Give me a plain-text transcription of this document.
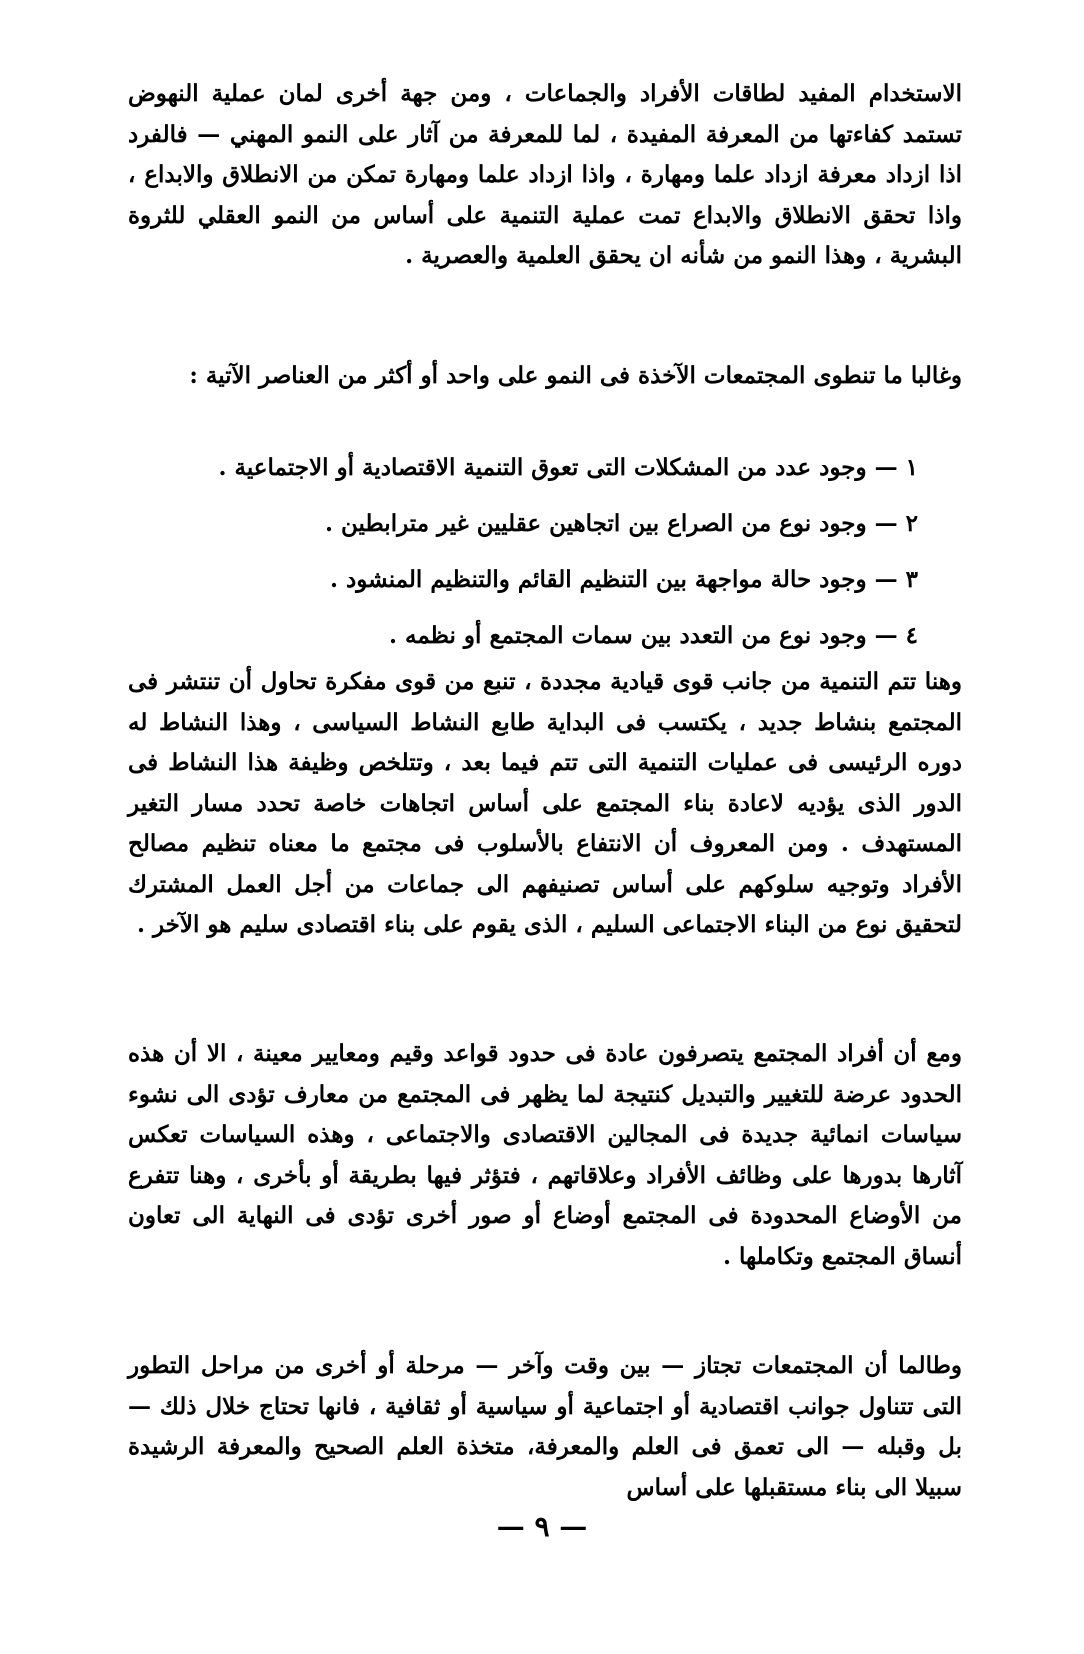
الاستخدام المفيد لطاقات الأفراد والجماعات ، ومن جهة أخرى لمان عملية النهوض تستمد كفاءتها من المعرفة المفيدة ، لما للمعرفة من آثار على النمو المهني — فالفرد اذا ازداد معرفة ازداد علما ومهارة ، واذا ازداد علما ومهارة تمكن من الانطلاق والابداع ، واذا تحقق الانطلاق والابداع تمت عملية التنمية على أساس من النمو العقلي للثروة البشرية ، وهذا النمو من شأنه ان يحقق العلمية والعصرية .

وغالبا ما تنطوى المجتمعات الآخذة فى النمو على واحد أو أكثر من العناصر الآتية :

١ — وجود عدد من المشكلات التى تعوق التنمية الاقتصادية أو الاجتماعية .
٢ — وجود نوع من الصراع بين اتجاهين عقليين غير مترابطين .
٣ — وجود حالة مواجهة بين التنظيم القائم والتنظيم المنشود .
٤ — وجود نوع من التعدد بين سمات المجتمع أو نظمه .

وهنا تتم التنمية من جانب قوى قيادية مجددة ، تنبع من قوى مفكرة تحاول أن تنتشر فى المجتمع بنشاط جديد ، يكتسب فى البداية طابع النشاط السياسى ، وهذا النشاط له دوره الرئيسى فى عمليات التنمية التى تتم فيما بعد ، وتتلخص وظيفة هذا النشاط فى الدور الذى يؤديه لاعادة بناء المجتمع على أساس اتجاهات خاصة تحدد مسار التغير المستهدف . ومن المعروف أن الانتفاع بالأسلوب فى مجتمع ما معناه تنظيم مصالح الأفراد وتوجيه سلوكهم على أساس تصنيفهم الى جماعات من أجل العمل المشترك لتحقيق نوع من البناء الاجتماعى السليم ، الذى يقوم على بناء اقتصادى سليم هو الآخر .

ومع أن أفراد المجتمع يتصرفون عادة فى حدود قواعد وقيم ومعايير معينة ، الا أن هذه الحدود عرضة للتغيير والتبديل كنتيجة لما يظهر فى المجتمع من معارف تؤدى الى نشوء سياسات انمائية جديدة فى المجالين الاقتصادى والاجتماعى ، وهذه السياسات تعكس آثارها بدورها على وظائف الأفراد وعلاقاتهم ، فتؤثر فيها بطريقة أو بأخرى ، وهنا تتفرع من الأوضاع المحدودة فى المجتمع أوضاع أو صور أخرى تؤدى فى النهاية الى تعاون أنساق المجتمع وتكاملها .

وطالما أن المجتمعات تجتاز — بين وقت وآخر — مرحلة أو أخرى من مراحل التطور التى تتناول جوانب اقتصادية أو اجتماعية أو سياسية أو ثقافية ، فانها تحتاج خلال ذلك — بل وقبله — الى تعمق فى العلم والمعرفة، متخذة العلم الصحيح والمعرفة الرشيدة سبيلا الى بناء مستقبلها على أساس

— ٩ —
